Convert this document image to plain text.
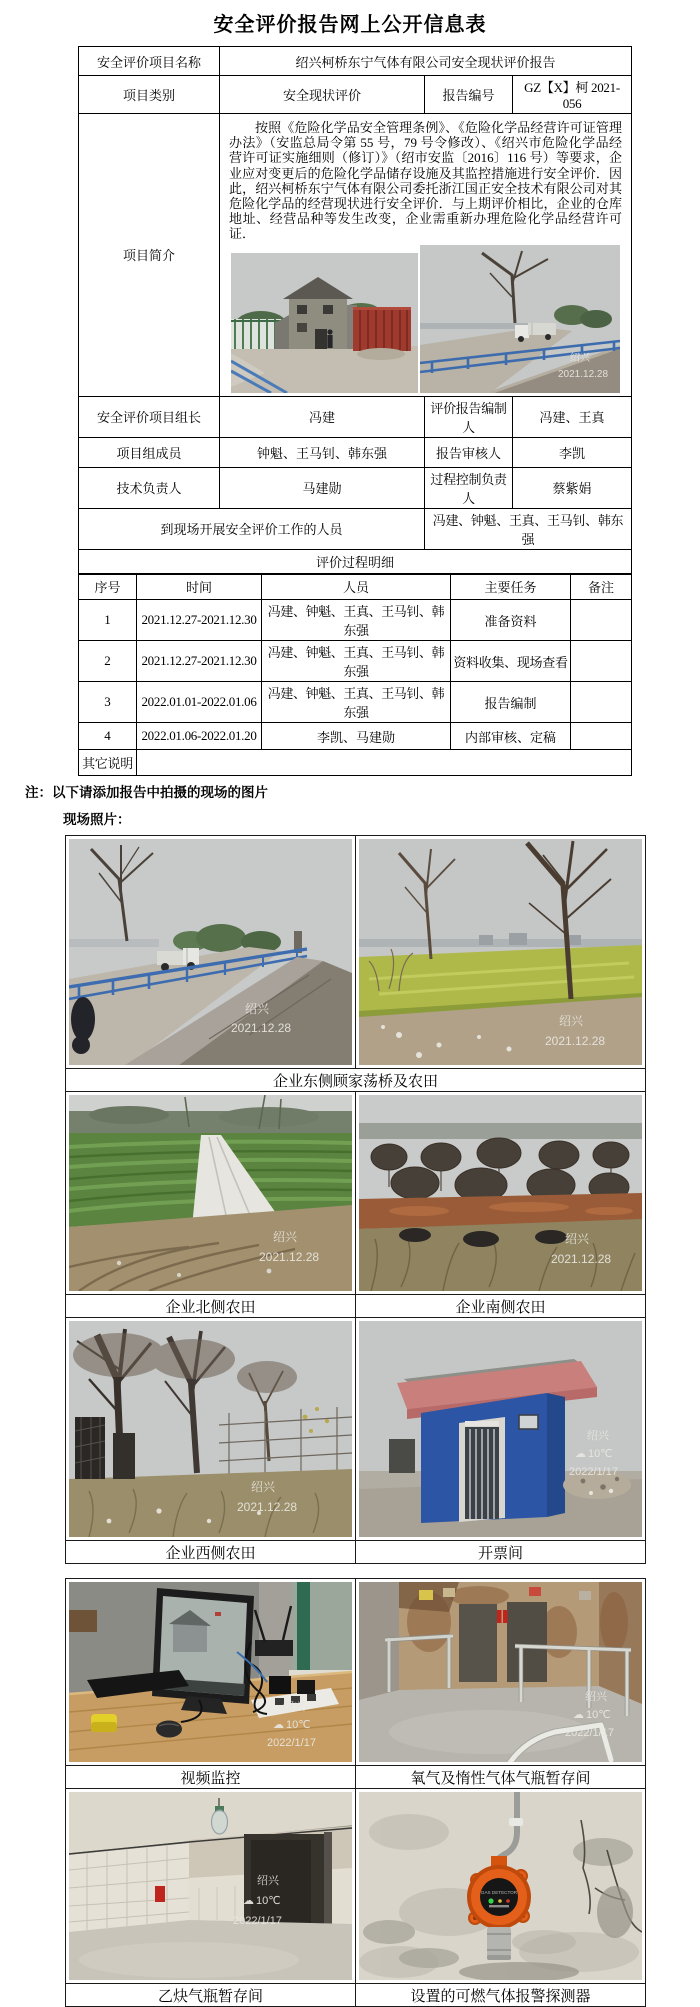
安全评价报告网上公开信息表
安全评价项目名称	绍兴柯桥东宁气体有限公司安全现状评价报告		
项目类别	安全现状评价	报告编号	GZ【X】柯 2021-056
项目简介	按照《危险化学品安全管理条例》、《危险化学品经营许可证管理办法》（安监总局令第 55 号，79 号令修改）、《绍兴市危险化学品经营许可证实施细则（修订）》（绍市安监〔2016〕116 号）等要求，企业应对变更后的危险化学品储存设施及其监控措施进行安全评价．因此，绍兴柯桥东宁气体有限公司委托浙江国正安全技术有限公司对其危险化学品的经营现状进行安全评价．与上期评价相比，企业的仓库地址、经营品种等发生改变，企业需重新办理危险化学品经营许可证．
绍兴
2021.12.28		

安全评价项目组长	冯建	评价报告编制人	冯建、王真
项目组成员	钟魁、王马钊、韩东强	报告审核人	李凯
技术负责人	马建勋	过程控制负责人	蔡紫娟
到现场开展安全评价工作的人员		冯建、钟魁、王真、王马钊、韩东强	
评价过程明细			
序号	时间	人员	主要任务	备注
1	2021.12.27-2021.12.30	冯建、钟魁、王真、王马钊、韩东强	准备资料	
2	2021.12.27-2021.12.30	冯建、钟魁、王真、王马钊、韩东强	资料收集、现场查看	
3	2022.01.01-2022.01.06	冯建、钟魁、王真、王马钊、韩东强	报告编制	
4	2022.01.06-2022.01.20	李凯、马建勋	内部审核、定稿	
其它说明				

注：以下请添加报告中拍摄的现场的图片

现场照片：

绍兴
2021.12.28	绍兴
2021.12.28

企业东侧顾家荡桥及农田	

绍兴
2021.12.28	绍兴
2021.12.28

企业北侧农田	企业南侧农田

绍兴
2021.12.28	绍兴
☁ 10℃
2022/1/17

企业西侧农田	开票间
绍兴
☁ 10℃
2022/1/17	绍兴
☁ 10℃
2022/1/17

视频监控	氧气及惰性气体气瓶暂存间

绍兴
☁ 10℃
2022/1/17	GAS DETECTOR

乙炔气瓶暂存间	设置的可燃气体报警探测器
